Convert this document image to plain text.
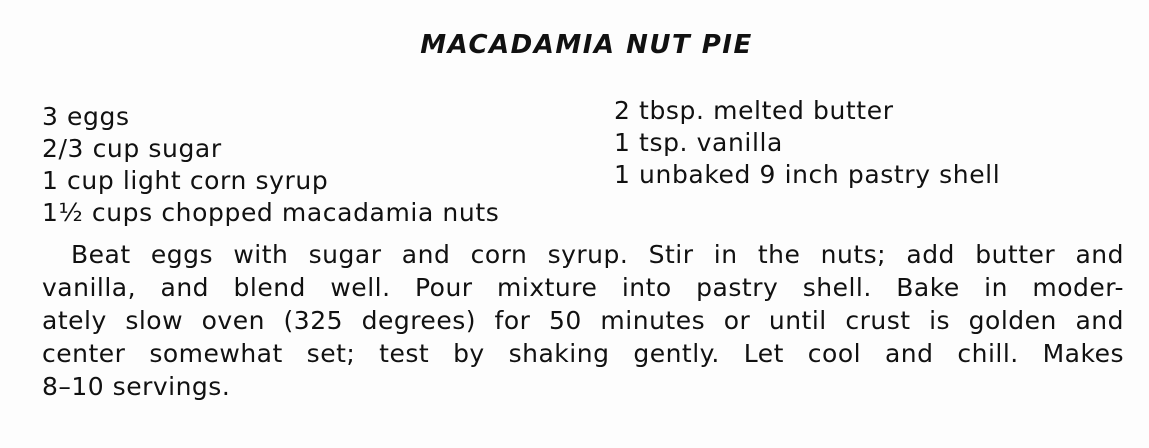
MACADAMIA NUT PIE
3 eggs
2/3 cup sugar
1 cup light corn syrup
1½ cups chopped macadamia nuts
2 tbsp. melted butter
1 tsp. vanilla
1 unbaked 9 inch pastry shell
Beat eggs with sugar and corn syrup. Stir in the nuts; add butter and
vanilla, and blend well. Pour mixture into pastry shell. Bake in moder-
ately slow oven (325 degrees) for 50 minutes or until crust is golden and
center somewhat set; test by shaking gently. Let cool and chill. Makes
8–10 servings.
